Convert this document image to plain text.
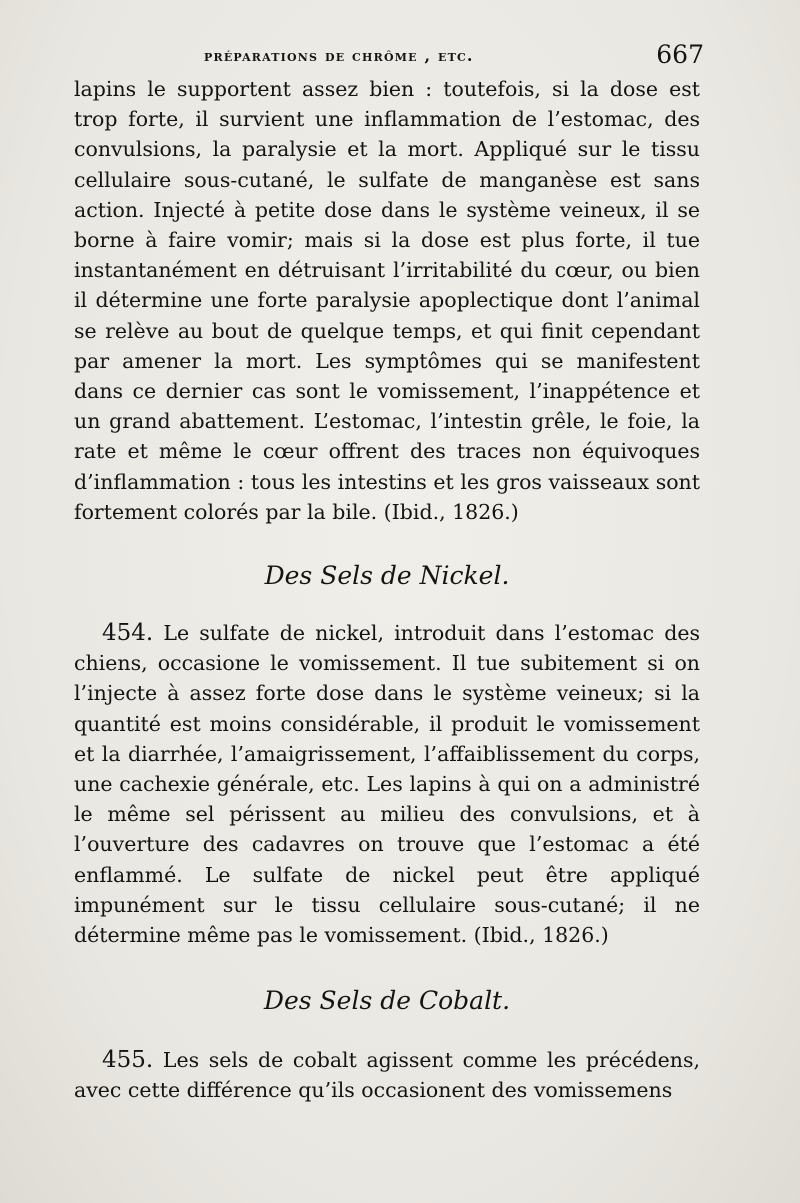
préparations de chrôme , etc.	667

lapins le supportent assez bien : toutefois, si la dose est trop forte, il survient une inflammation de l’estomac, des convulsions, la paralysie et la mort. Appliqué sur le tissu cellulaire sous-cutané, le sulfate de manganèse est sans action. Injecté à petite dose dans le système veineux, il se borne à faire vomir; mais si la dose est plus forte, il tue instantanément en détruisant l’irritabilité du cœur, ou bien il détermine une forte paralysie apoplectique dont l’animal se relève au bout de quelque temps, et qui finit cependant par amener la mort. Les symptômes qui se manifestent dans ce dernier cas sont le vomissement, l’inappétence et un grand abattement. L’estomac, l’intestin grêle, le foie, la rate et même le cœur offrent des traces non équivoques d’inflammation : tous les intestins et les gros vaisseaux sont fortement colorés par la bile. (Ibid., 1826.)

Des Sels de Nickel.

454. Le sulfate de nickel, introduit dans l’estomac des chiens, occasione le vomissement. Il tue subitement si on l’injecte à assez forte dose dans le système veineux; si la quantité est moins considérable, il produit le vomissement et la diarrhée, l’amaigrissement, l’affaiblissement du corps, une cachexie générale, etc. Les lapins à qui on a administré le même sel périssent au milieu des convulsions, et à l’ouverture des cadavres on trouve que l’estomac a été enflammé. Le sulfate de nickel peut être appliqué impunément sur le tissu cellulaire sous-cutané; il ne détermine même pas le vomissement. (Ibid., 1826.)

Des Sels de Cobalt.

455. Les sels de cobalt agissent comme les précédens, avec cette différence qu’ils occasionent des vomissemens
